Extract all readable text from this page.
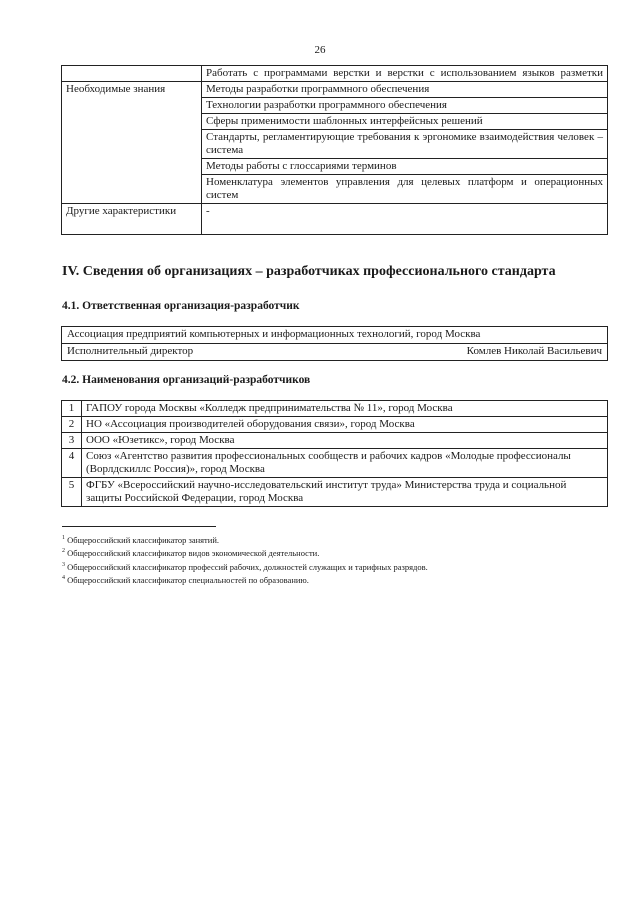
26
	Работать с программами верстки и верстки с использованием языков разметки
Необходимые знания	Методы разработки программного обеспечения
	Технологии разработки программного обеспечения
	Сферы применимости шаблонных интерфейсных решений
	Стандарты, регламентирующие требования к эргономике взаимодействия человек – система
	Методы работы с глоссариями терминов
	Номенклатура элементов управления для целевых платформ и операционных систем
Другие характеристики	-
IV. Сведения об организациях – разработчиках профессионального стандарта
4.1. Ответственная организация-разработчик
Ассоциация предприятий компьютерных и информационных технологий, город Москва
Исполнительный директор	Комлев Николай Васильевич
4.2. Наименования организаций-разработчиков
1	ГАПОУ города Москвы «Колледж предпринимательства № 11», город Москва
2	НО «Ассоциация производителей оборудования связи», город Москва
3	ООО «Юзетикс», город Москва
4	Союз «Агентство развития профессиональных сообществ и рабочих кадров «Молодые профессионалы (Ворлдскиллс Россия)», город Москва
5	ФГБУ «Всероссийский научно-исследовательский институт труда» Министерства труда и социальной защиты Российской Федерации, город Москва
$^1$ Общероссийский классификатор занятий.
$^2$ Общероссийский классификатор видов экономической деятельности.
$^3$ Общероссийский классификатор профессий рабочих, должностей служащих и тарифных разрядов.
$^4$ Общероссийский классификатор специальностей по образованию.
